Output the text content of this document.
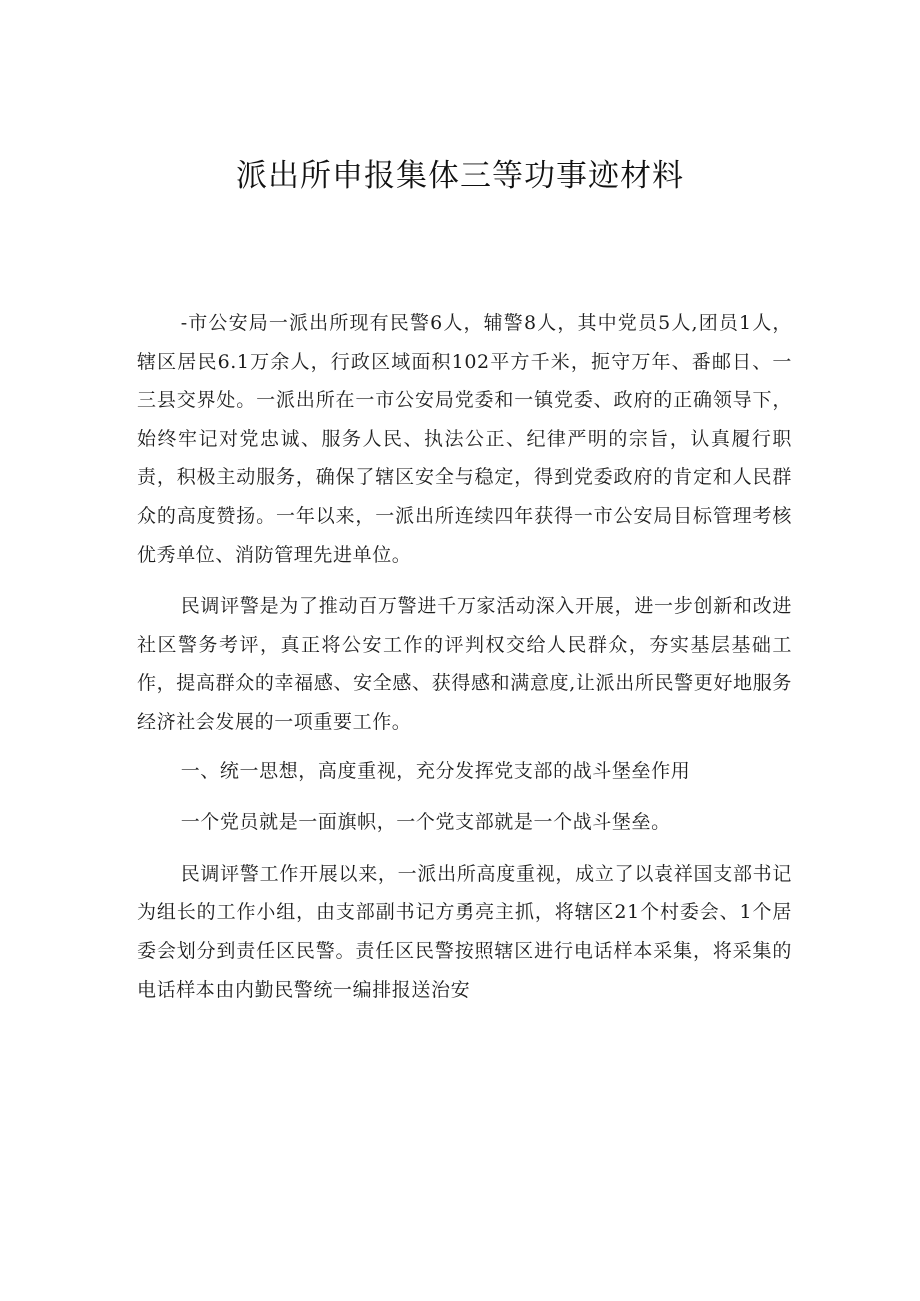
派出所申报集体三等功事迹材料

-市公安局一派出所现有民警6人，辅警8人，其中党员5人,团员1人，辖区居民6.1万余人，行政区域面积102平方千米，扼守万年、番邮日、一三县交界处。一派出所在一市公安局党委和一镇党委、政府的正确领导下，始终牢记对党忠诚、服务人民、执法公正、纪律严明的宗旨，认真履行职责，积极主动服务，确保了辖区安全与稳定，得到党委政府的肯定和人民群众的高度赞扬。一年以来，一派出所连续四年获得一市公安局目标管理考核优秀单位、消防管理先进单位。

民调评警是为了推动百万警进千万家活动深入开展，进一步创新和改进社区警务考评，真正将公安工作的评判权交给人民群众，夯实基层基础工作，提高群众的幸福感、安全感、获得感和满意度,让派出所民警更好地服务经济社会发展的一项重要工作。

一、统一思想，高度重视，充分发挥党支部的战斗堡垒作用

一个党员就是一面旗帜，一个党支部就是一个战斗堡垒。

民调评警工作开展以来，一派出所高度重视，成立了以袁祥国支部书记为组长的工作小组，由支部副书记方勇亮主抓，将辖区21个村委会、1个居委会划分到责任区民警。责任区民警按照辖区进行电话样本采集，将采集的电话样本由内勤民警统一编排报送治安
